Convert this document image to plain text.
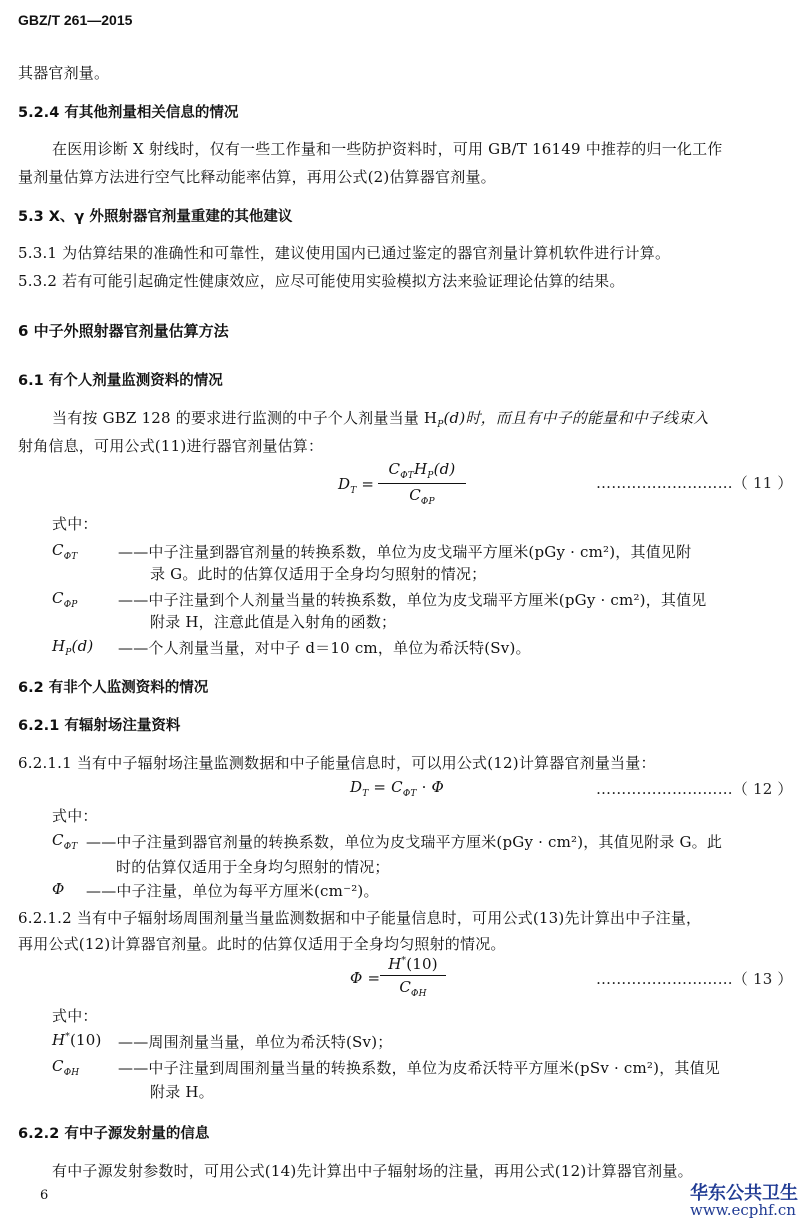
GBZ/T 261—2015
其器官剂量。
5.2.4 有其他剂量相关信息的情况
在医用诊断 X 射线时，仅有一些工作量和一些防护资料时，可用 GB/T 16149 中推荐的归一化工作
量剂量估算方法进行空气比释动能率估算，再用公式(2)估算器官剂量。
5.3 X、γ 外照射器官剂量重建的其他建议
5.3.1 为估算结果的准确性和可靠性，建议使用国内已通过鉴定的器官剂量计算机软件进行计算。
5.3.2 若有可能引起确定性健康效应，应尽可能使用实验模拟方法来验证理论估算的结果。
6 中子外照射器官剂量估算方法
6.1 有个人剂量监测资料的情况
当有按 GBZ 128 的要求进行监测的中子个人剂量当量 $H_P(d)$时，而且有中子的能量和中子线束入
射角信息，可用公式(11)进行器官剂量估算：
$D_T$ =
$C_{\Phi T}H_P(d)$
$C_{\Phi P}$
………………………（ 11 ）
式中：
$C_{\Phi T}$	——中子注量到器官剂量的转换系数，单位为皮戈瑞平方厘米(pGy · cm²)，其值见附
录 G。此时的估算仅适用于全身均匀照射的情况；
$C_{\Phi P}$	——中子注量到个人剂量当量的转换系数，单位为皮戈瑞平方厘米(pGy · cm²)，其值见
附录 H，注意此值是入射角的函数；
$H_P(d)$ ——个人剂量当量，对中子 d＝10 cm，单位为希沃特(Sv)。
6.2 有非个人监测资料的情况
6.2.1 有辐射场注量资料
6.2.1.1 当有中子辐射场注量监测数据和中子能量信息时，可以用公式(12)计算器官剂量当量：
$D_T = C_{\Phi T} \cdot \Phi$	………………………（ 12 ）
式中：
$C_{\Phi T}$ ——中子注量到器官剂量的转换系数，单位为皮戈瑞平方厘米(pGy · cm²)，其值见附录 G。此
时的估算仅适用于全身均匀照射的情况；
Φ ——中子注量，单位为每平方厘米(cm⁻²)。
6.2.1.2 当有中子辐射场周围剂量当量监测数据和中子能量信息时，可用公式(13)先计算出中子注量，
再用公式(12)计算器官剂量。此时的估算仅适用于全身均匀照射的情况。
Φ =
H*(10)
$C_{\Phi H}$
………………………（ 13 ）
式中：
H*(10) ——周围剂量当量，单位为希沃特(Sv)；
$C_{\Phi H}$	——中子注量到周围剂量当量的转换系数，单位为皮希沃特平方厘米(pSv · cm²)，其值见
附录 H。
6.2.2 有中子源发射量的信息
有中子源发射参数时，可用公式(14)先计算出中子辐射场的注量，再用公式(12)计算器官剂量。
6	华东公共卫生
www.ecphf.cn
